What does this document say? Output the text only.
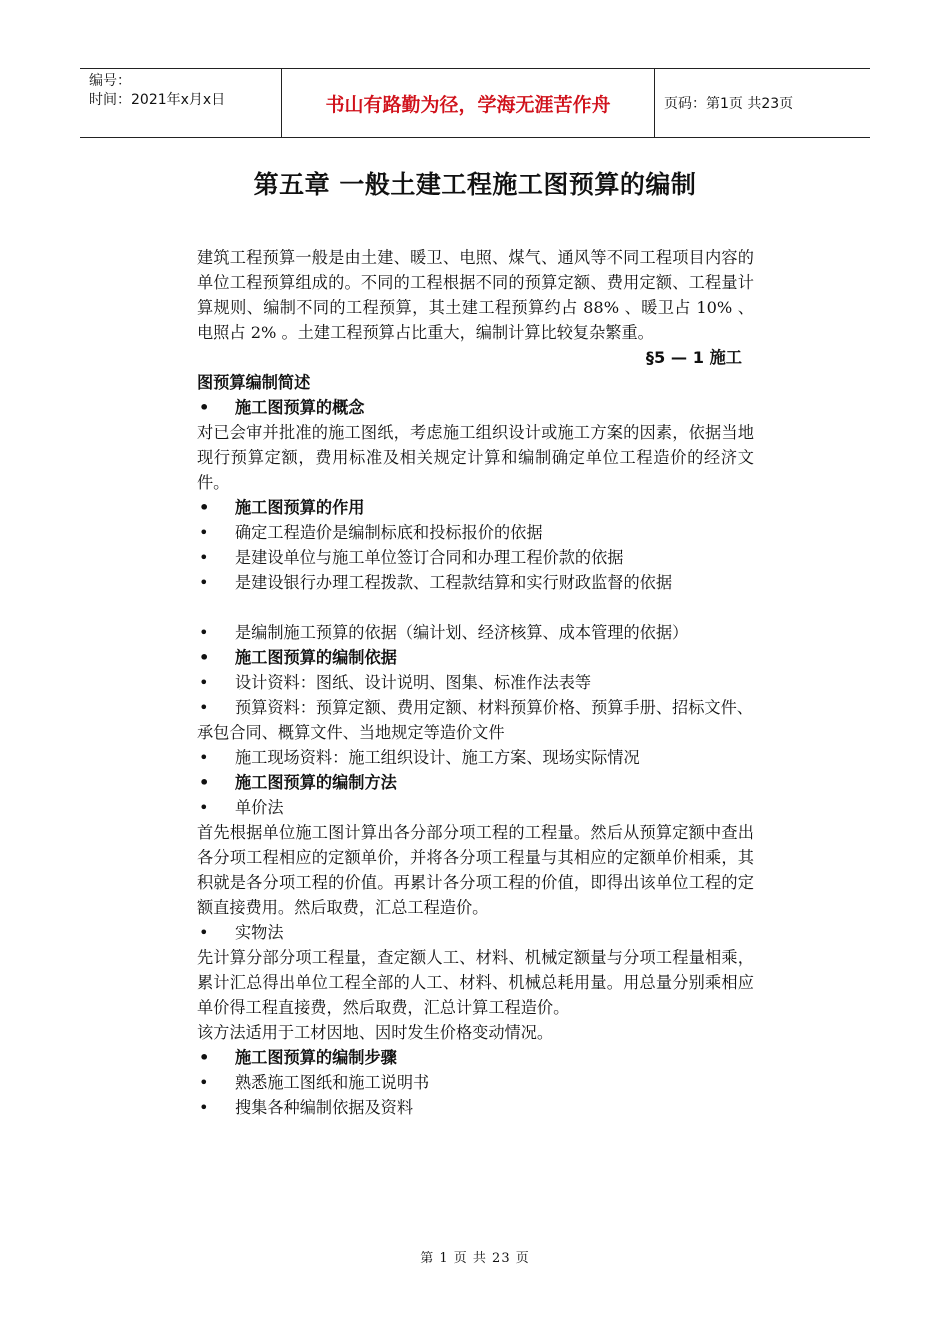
编号：
时间：2021年x月x日	书山有路勤为径，学海无涯苦作舟	页码：第1页 共23页
第五章 一般土建工程施工图预算的编制

建筑工程预算一般是由土建、暖卫、电照、煤气、通风等不同工程项目内容的单位工程预算组成的。不同的工程根据不同的预算定额、费用定额、工程量计算规则、编制不同的工程预算，其土建工程预算约占 88% 、暖卫占 10% 、电照占 2% 。土建工程预算占比重大，编制计算比较复杂繁重。

§5 — 1 施工

图预算编制简述

• 施工图预算的概念

对已会审并批准的施工图纸，考虑施工组织设计或施工方案的因素，依据当地现行预算定额，费用标准及相关规定计算和编制确定单位工程造价的经济文件。

• 施工图预算的作用

• 确定工程造价是编制标底和投标报价的依据

• 是建设单位与施工单位签订合同和办理工程价款的依据

• 是建设银行办理工程拨款、工程款结算和实行财政监督的依据

• 是编制施工预算的依据（编计划、经济核算、成本管理的依据）

• 施工图预算的编制依据

• 设计资料：图纸、设计说明、图集、标准作法表等

• 预算资料：预算定额、费用定额、材料预算价格、预算手册、招标文件、承包合同、概算文件、当地规定等造价文件

• 施工现场资料：施工组织设计、施工方案、现场实际情况

• 施工图预算的编制方法

• 单价法

首先根据单位施工图计算出各分部分项工程的工程量。然后从预算定额中查出各分项工程相应的定额单价，并将各分项工程量与其相应的定额单价相乘，其积就是各分项工程的价值。再累计各分项工程的价值，即得出该单位工程的定额直接费用。然后取费，汇总工程造价。

• 实物法

先计算分部分项工程量，查定额人工、材料、机械定额量与分项工程量相乘，累计汇总得出单位工程全部的人工、材料、机械总耗用量。用总量分别乘相应单价得工程直接费，然后取费，汇总计算工程造价。

该方法适用于工材因地、因时发生价格变动情况。

• 施工图预算的编制步骤

• 熟悉施工图纸和施工说明书

• 搜集各种编制依据及资料

第 1 页 共 23 页
